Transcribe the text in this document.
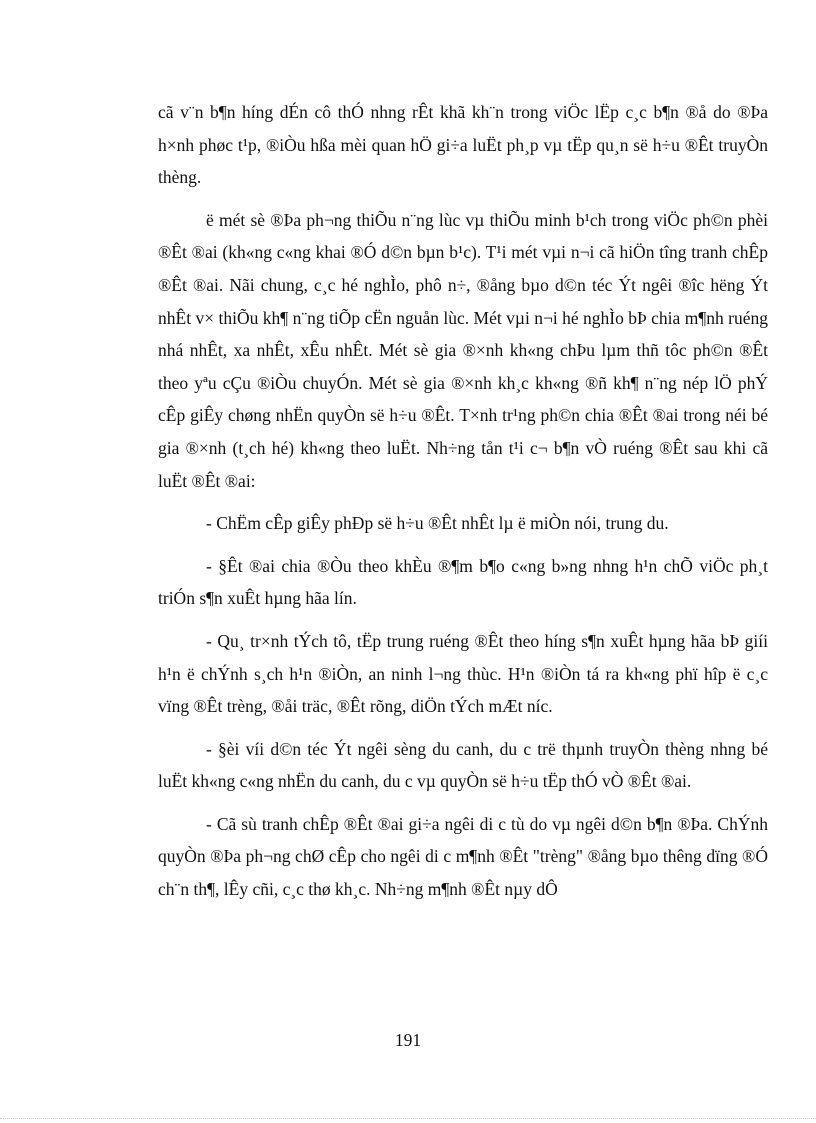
cã v¨n b¶n híng dÉn cô thÓ nhng rÊt khã kh¨n trong viÖc lËp c¸c b¶n ®å do ®Þa h×nh phøc t¹p, ®iÒu hßa mèi quan hÖ gi÷a luËt ph¸p vµ tËp qu¸n së h÷u ®Êt truyÒn thèng.

ë mét sè ®Þa ph¬ng thiÕu n¨ng lùc vµ thiÕu minh b¹ch trong viÖc ph©n phèi ®Êt ®ai (kh«ng c«ng khai ®Ó d©n bµn b¹c). T¹i mét vµi n¬i cã hiÖn tîng tranh chÊp ®Êt ®ai. Nãi chung, c¸c hé nghÌo, phô n÷, ®ång bµo d©n téc Ýt ngêi ®îc hëng Ýt nhÊt v× thiÕu kh¶ n¨ng tiÕp cËn nguån lùc. Mét vµi n¬i hé nghÌo bÞ chia m¶nh ruéng nhá nhÊt, xa nhÊt, xÊu nhÊt. Mét sè gia ®×nh kh«ng chÞu lµm thñ tôc ph©n ®Êt theo yªu cÇu ®iÒu chuyÓn. Mét sè gia ®×nh kh¸c kh«ng ®ñ kh¶ n¨ng nép lÖ phÝ cÊp giÊy chøng nhËn quyÒn së h÷u ®Êt. T×nh tr¹ng ph©n chia ®Êt ®ai trong néi bé gia ®×nh (t¸ch hé) kh«ng theo luËt. Nh÷ng tån t¹i c¬ b¶n vÒ ruéng ®Êt sau khi cã luËt ®Êt ®ai:

- ChËm cÊp giÊy phÐp së h÷u ®Êt nhÊt lµ ë miÒn nói, trung du.

- §Êt ®ai chia ®Òu theo khÈu ®¶m b¶o c«ng b»ng nhng h¹n chÕ viÖc ph¸t triÓn s¶n xuÊt hµng hãa lín.

- Qu¸ tr×nh tÝch tô, tËp trung ruéng ®Êt theo híng s¶n xuÊt hµng hãa bÞ giíi h¹n ë chÝnh s¸ch h¹n ®iÒn, an ninh l¬ng thùc. H¹n ®iÒn tá ra kh«ng phï hîp ë c¸c vïng ®Êt trèng, ®åi träc, ®Êt rõng, diÖn tÝch mÆt níc.

- §èi víi d©n téc Ýt ngêi sèng du canh, du c trë thµnh truyÒn thèng nhng bé luËt kh«ng c«ng nhËn du canh, du c vµ quyÒn së h÷u tËp thÓ vÒ ®Êt ®ai.

- Cã sù tranh chÊp ®Êt ®ai gi÷a ngêi di c tù do vµ ngêi d©n b¶n ®Þa. ChÝnh quyÒn ®Þa ph¬ng chØ cÊp cho ngêi di c m¶nh ®Êt "trèng" ®ång bµo thêng dïng ®Ó ch¨n th¶, lÊy cñi, c¸c thø kh¸c. Nh÷ng m¶nh ®Êt nµy dÔ

191
